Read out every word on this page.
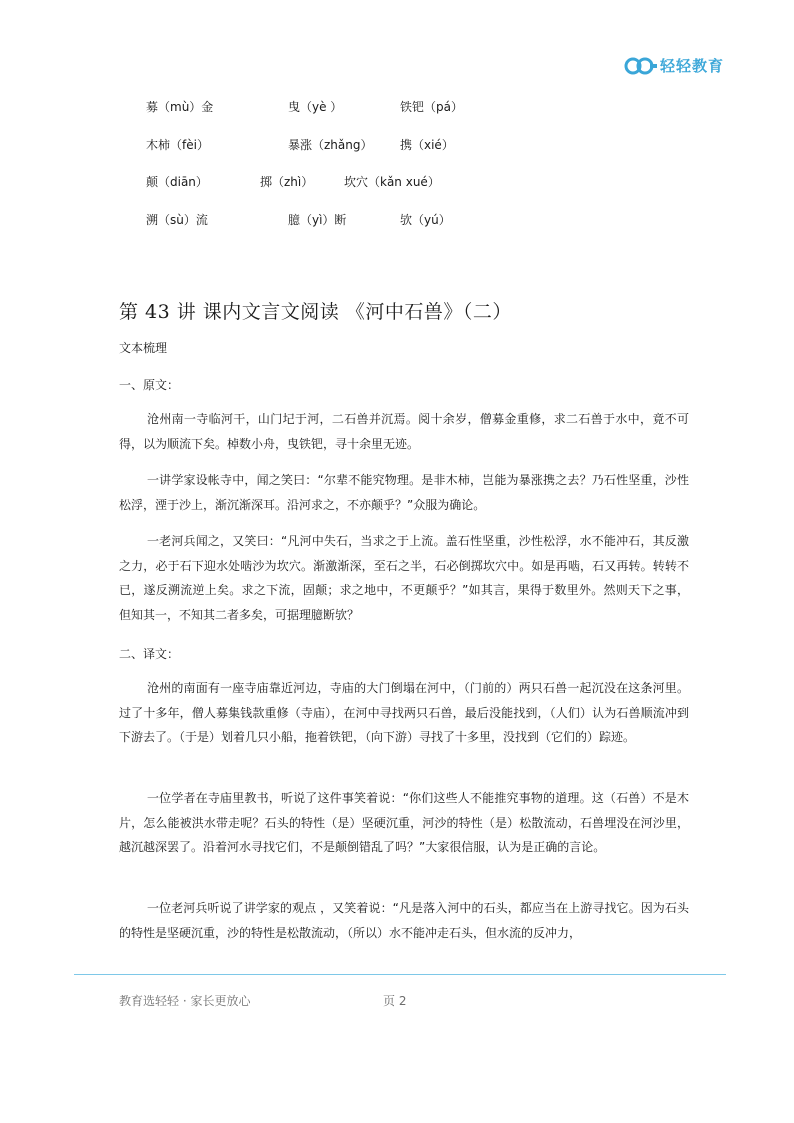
轻轻教育
募（mù）金	曳（yè ）	铁钯（pá）
木柿（fèi）	暴涨（zhǎng） 携（xié）
颠（diān）	掷（zhì）	坎穴（kǎn xué）
溯（sù）流	臆（yì）断	欤（yú）
第 43 讲 课内文言文阅读 《河中石兽》（二）
文本梳理
一、原文：

沧州南一寺临河干，山门圮于河，二石兽并沉焉。阅十余岁，僧募金重修，求二石兽于水中，竟不可得，以为顺流下矣。棹数小舟，曳铁钯，寻十余里无迹。

一讲学家设帐寺中，闻之笑曰：“尔辈不能究物理。是非木柿，岂能为暴涨携之去？乃石性坚重，沙性松浮，湮于沙上，渐沉渐深耳。沿河求之，不亦颠乎？”众服为确论。

一老河兵闻之，又笑曰：“凡河中失石，当求之于上流。盖石性坚重，沙性松浮，水不能冲石，其反激之力，必于石下迎水处啮沙为坎穴。渐激渐深，至石之半，石必倒掷坎穴中。如是再啮，石又再转。转转不已，遂反溯流逆上矣。求之下流，固颠；求之地中，不更颠乎？”如其言，果得于数里外。然则天下之事，但知其一，不知其二者多矣，可据理臆断欤？

二、译文：

沧州的南面有一座寺庙靠近河边，寺庙的大门倒塌在河中，（门前的）两只石兽一起沉没在这条河里。过了十多年，僧人募集钱款重修（寺庙），在河中寻找两只石兽，最后没能找到，（人们）认为石兽顺流冲到下游去了。（于是）划着几只小船，拖着铁钯，（向下游）寻找了十多里，没找到（它们的）踪迹。

一位学者在寺庙里教书，听说了这件事笑着说：“你们这些人不能推究事物的道理。这（石兽）不是木片，怎么能被洪水带走呢？石头的特性（是）坚硬沉重，河沙的特性（是）松散流动，石兽埋没在河沙里，越沉越深罢了。沿着河水寻找它们，不是颠倒错乱了吗？”大家很信服，认为是正确的言论。

一位老河兵听说了讲学家的观点 ，又笑着说：“凡是落入河中的石头，都应当在上游寻找它。因为石头的特性是坚硬沉重，沙的特性是松散流动，（所以）水不能冲走石头，但水流的反冲力，

教育选轻轻 · 家长更放心	页 2
